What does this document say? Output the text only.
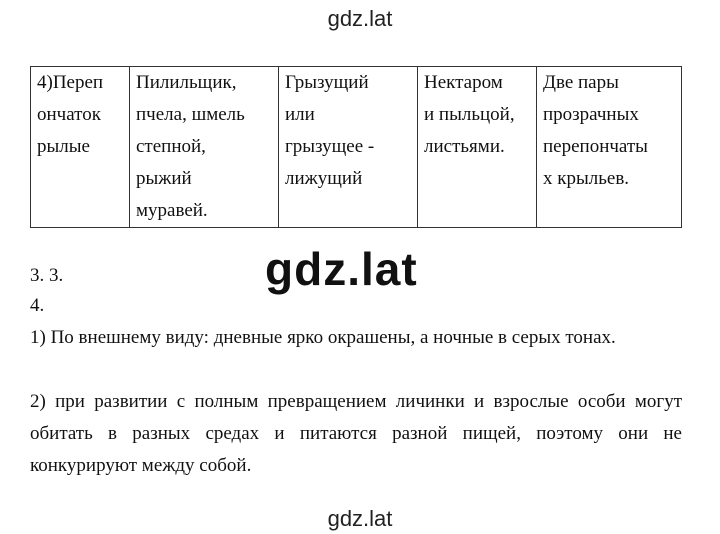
gdz.lat
4)Переп
ончаток
рылые

Пилильщик,
пчела, шмель
степной,
рыжий
муравей.

Грызущий
или
грызущее -
лижущий

Нектаром
и пыльцой,
листьями.

Две пары
прозрачных
перепончаты
х крыльев.
3. 3.	gdz.lat
4.
1) По внешнему виду: дневные ярко окрашены, а ночные в серых тонах.
2) при развитии с полным превращением личинки и взрослые особи могут обитать в разных средах и питаются разной пищей, поэтому они не конкурируют между собой.
gdz.lat
